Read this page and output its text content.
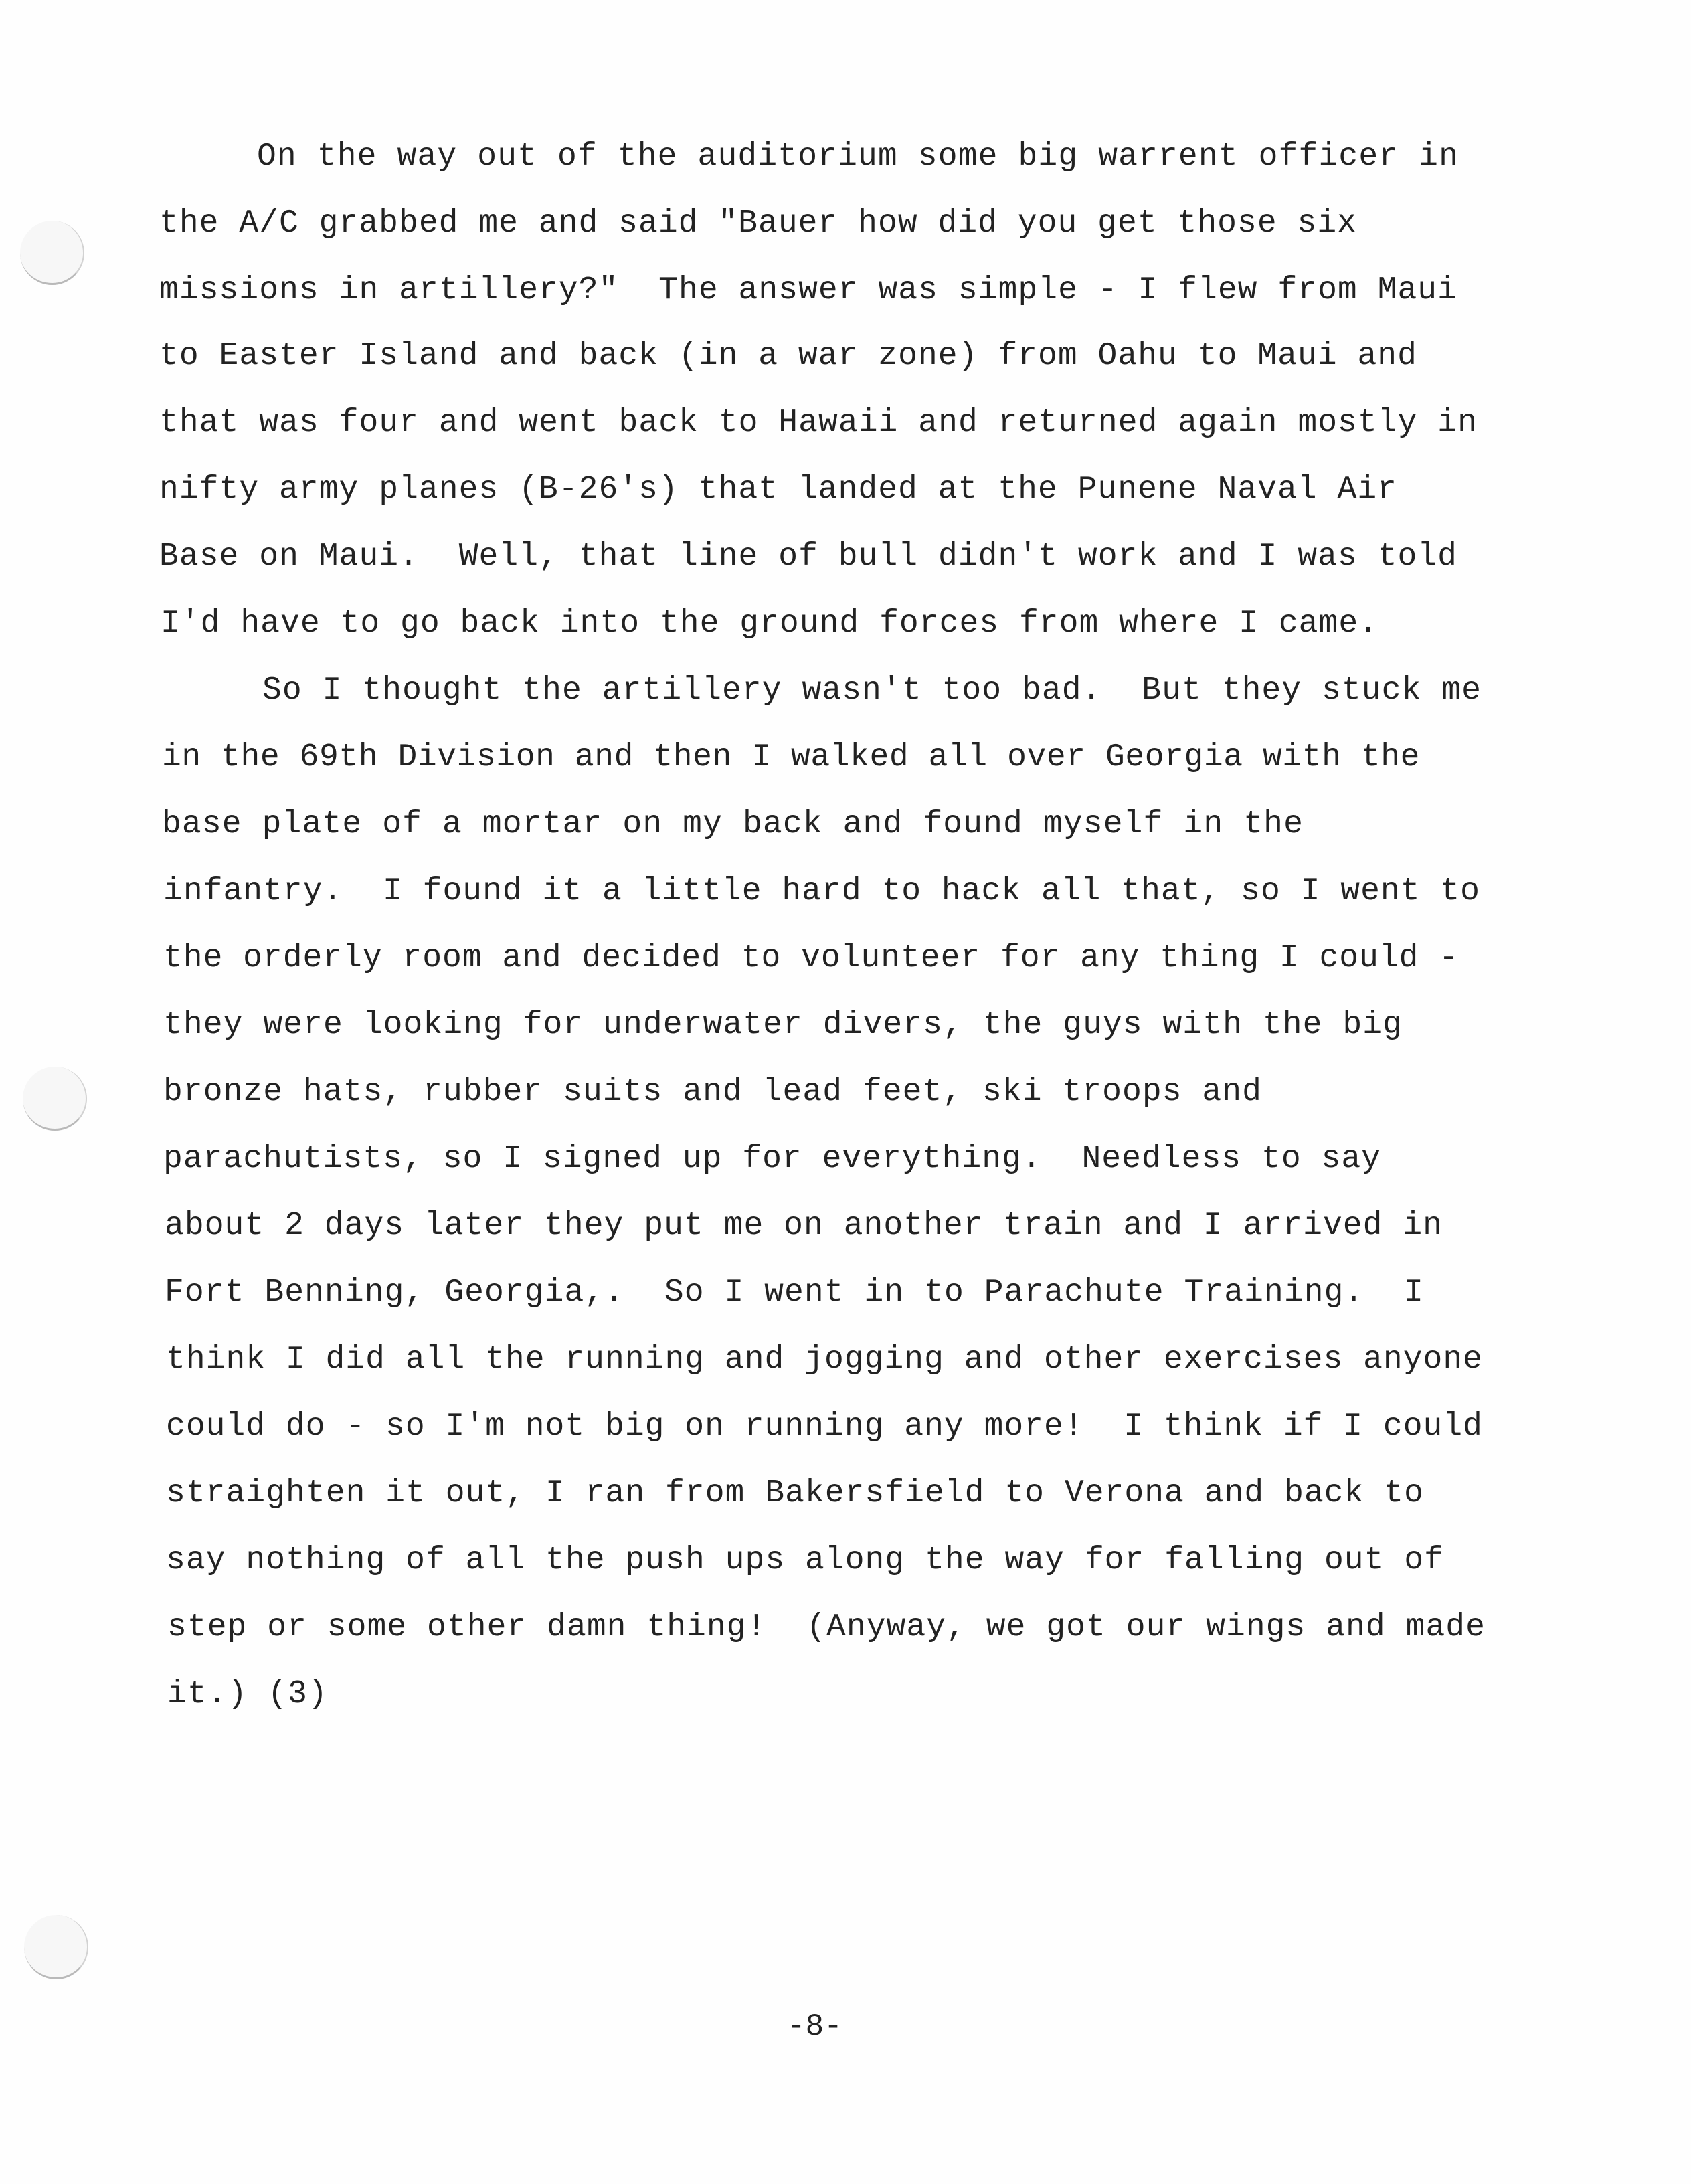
On the way out of the auditorium some big warrent officer in
the A/C grabbed me and said "Bauer how did you get those six
missions in artillery?"  The answer was simple - I flew from Maui
to Easter Island and back (in a war zone) from Oahu to Maui and
that was four and went back to Hawaii and returned again mostly in
nifty army planes (B-26's) that landed at the Punene Naval Air
Base on Maui.  Well, that line of bull didn't work and I was told
I'd have to go back into the ground forces from where I came.
So I thought the artillery wasn't too bad.  But they stuck me
in the 69th Division and then I walked all over Georgia with the
base plate of a mortar on my back and found myself in the
infantry.  I found it a little hard to hack all that, so I went to
the orderly room and decided to volunteer for any thing I could -
they were looking for underwater divers, the guys with the big
bronze hats, rubber suits and lead feet, ski troops and
parachutists, so I signed up for everything.  Needless to say
about 2 days later they put me on another train and I arrived in
Fort Benning, Georgia,.  So I went in to Parachute Training.  I
think I did all the running and jogging and other exercises anyone
could do - so I'm not big on running any more!  I think if I could
straighten it out, I ran from Bakersfield to Verona and back to
say nothing of all the push ups along the way for falling out of
step or some other damn thing!  (Anyway, we got our wings and made
it.) (3)
-8-
